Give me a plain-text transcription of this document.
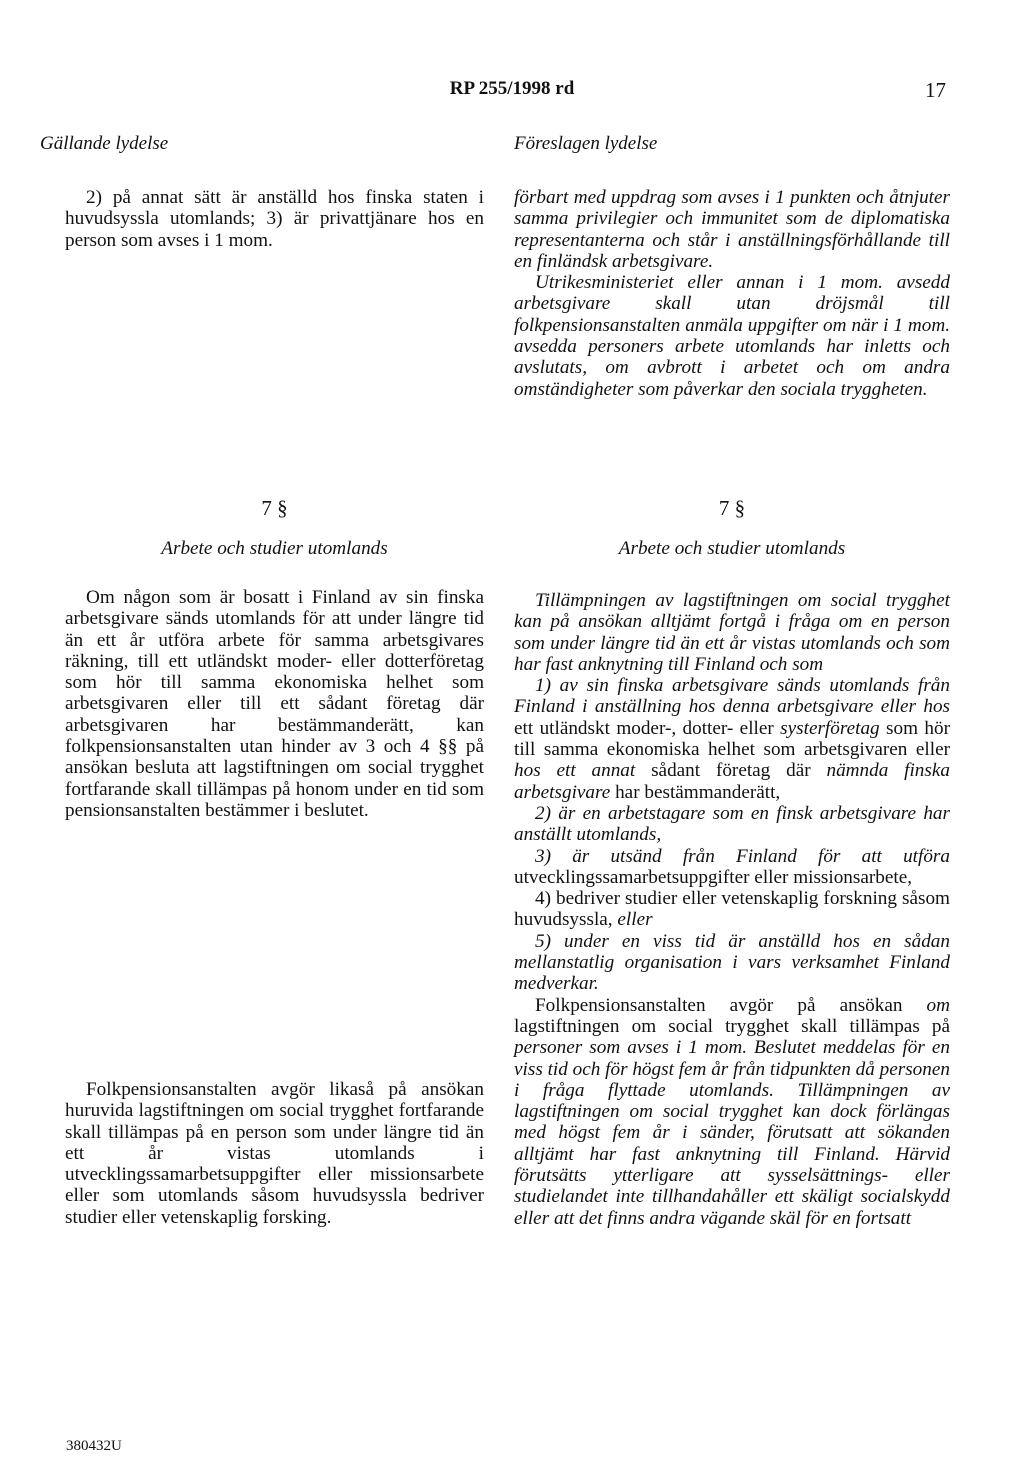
RP 255/1998 rd	17
Gällande lydelse	Föreslagen lydelse

2) på annat sätt är anställd hos finska staten i huvudsyssla utomlands; 3) är privattjänare hos en person som avses i 1 mom.

7 §

Arbete och studier utomlands

Om någon som är bosatt i Finland av sin finska arbetsgivare sänds utomlands för att under längre tid än ett år utföra arbete för samma arbetsgivares räkning, till ett utländskt moder- eller dotterföretag som hör till samma ekonomiska helhet som arbetsgivaren eller till ett sådant företag där arbetsgivaren har bestämmanderätt, kan folkpensionsanstalten utan hinder av 3 och 4 §§ på ansökan besluta att lagstiftningen om social trygghet fortfarande skall tillämpas på honom under en tid som pensionsanstalten bestämmer i beslutet.

Folkpensionsanstalten avgör likaså på ansökan huruvida lagstiftningen om social trygghet fortfarande skall tillämpas på en person som under längre tid än ett år vistas utomlands i utvecklingssamarbetsuppgifter eller missionsarbete eller som utomlands såsom huvudsyssla bedriver studier eller vetenskaplig forsking.

förbart med uppdrag som avses i 1 punkten och åtnjuter samma privilegier och immunitet som de diplomatiska representanterna och står i anställningsförhållande till en finländsk arbetsgivare.

Utrikesministeriet eller annan i 1 mom. avsedd arbetsgivare skall utan dröjsmål till folkpensionsanstalten anmäla uppgifter om när i 1 mom. avsedda personers arbete utomlands har inletts och avslutats, om avbrott i arbetet och om andra omständigheter som påverkar den sociala tryggheten.

7 §

Arbete och studier utomlands

Tillämpningen av lagstiftningen om social trygghet kan på ansökan alltjämt fortgå i fråga om en person som under längre tid än ett år vistas utomlands och som har fast anknytning till Finland och som

1) av sin finska arbetsgivare sänds utomlands från Finland i anställning hos denna arbetsgivare eller hos ett utländskt moder-, dotter- eller systerföretag som hör till samma ekonomiska helhet som arbetsgivaren eller hos ett annat sådant företag där nämnda finska arbetsgivare har bestämmanderätt,

2) är en arbetstagare som en finsk arbetsgivare har anställt utomlands,

3) är utsänd från Finland för att utföra utvecklingssamarbetsuppgifter eller missionsarbete,

4) bedriver studier eller vetenskaplig forskning såsom huvudsyssla, eller

5) under en viss tid är anställd hos en sådan mellanstatlig organisation i vars verksamhet Finland medverkar.

Folkpensionsanstalten avgör på ansökan om lagstiftningen om social trygghet skall tillämpas på personer som avses i 1 mom. Beslutet meddelas för en viss tid och för högst fem år från tidpunkten då personen i fråga flyttade utomlands. Tillämpningen av lagstiftningen om social trygghet kan dock förlängas med högst fem år i sänder, förutsatt att sökanden alltjämt har fast anknytning till Finland. Härvid förutsätts ytterligare att sysselsättnings- eller studielandet inte tillhandahåller ett skäligt socialskydd eller att det finns andra vägande skäl för en fortsatt

380432U
